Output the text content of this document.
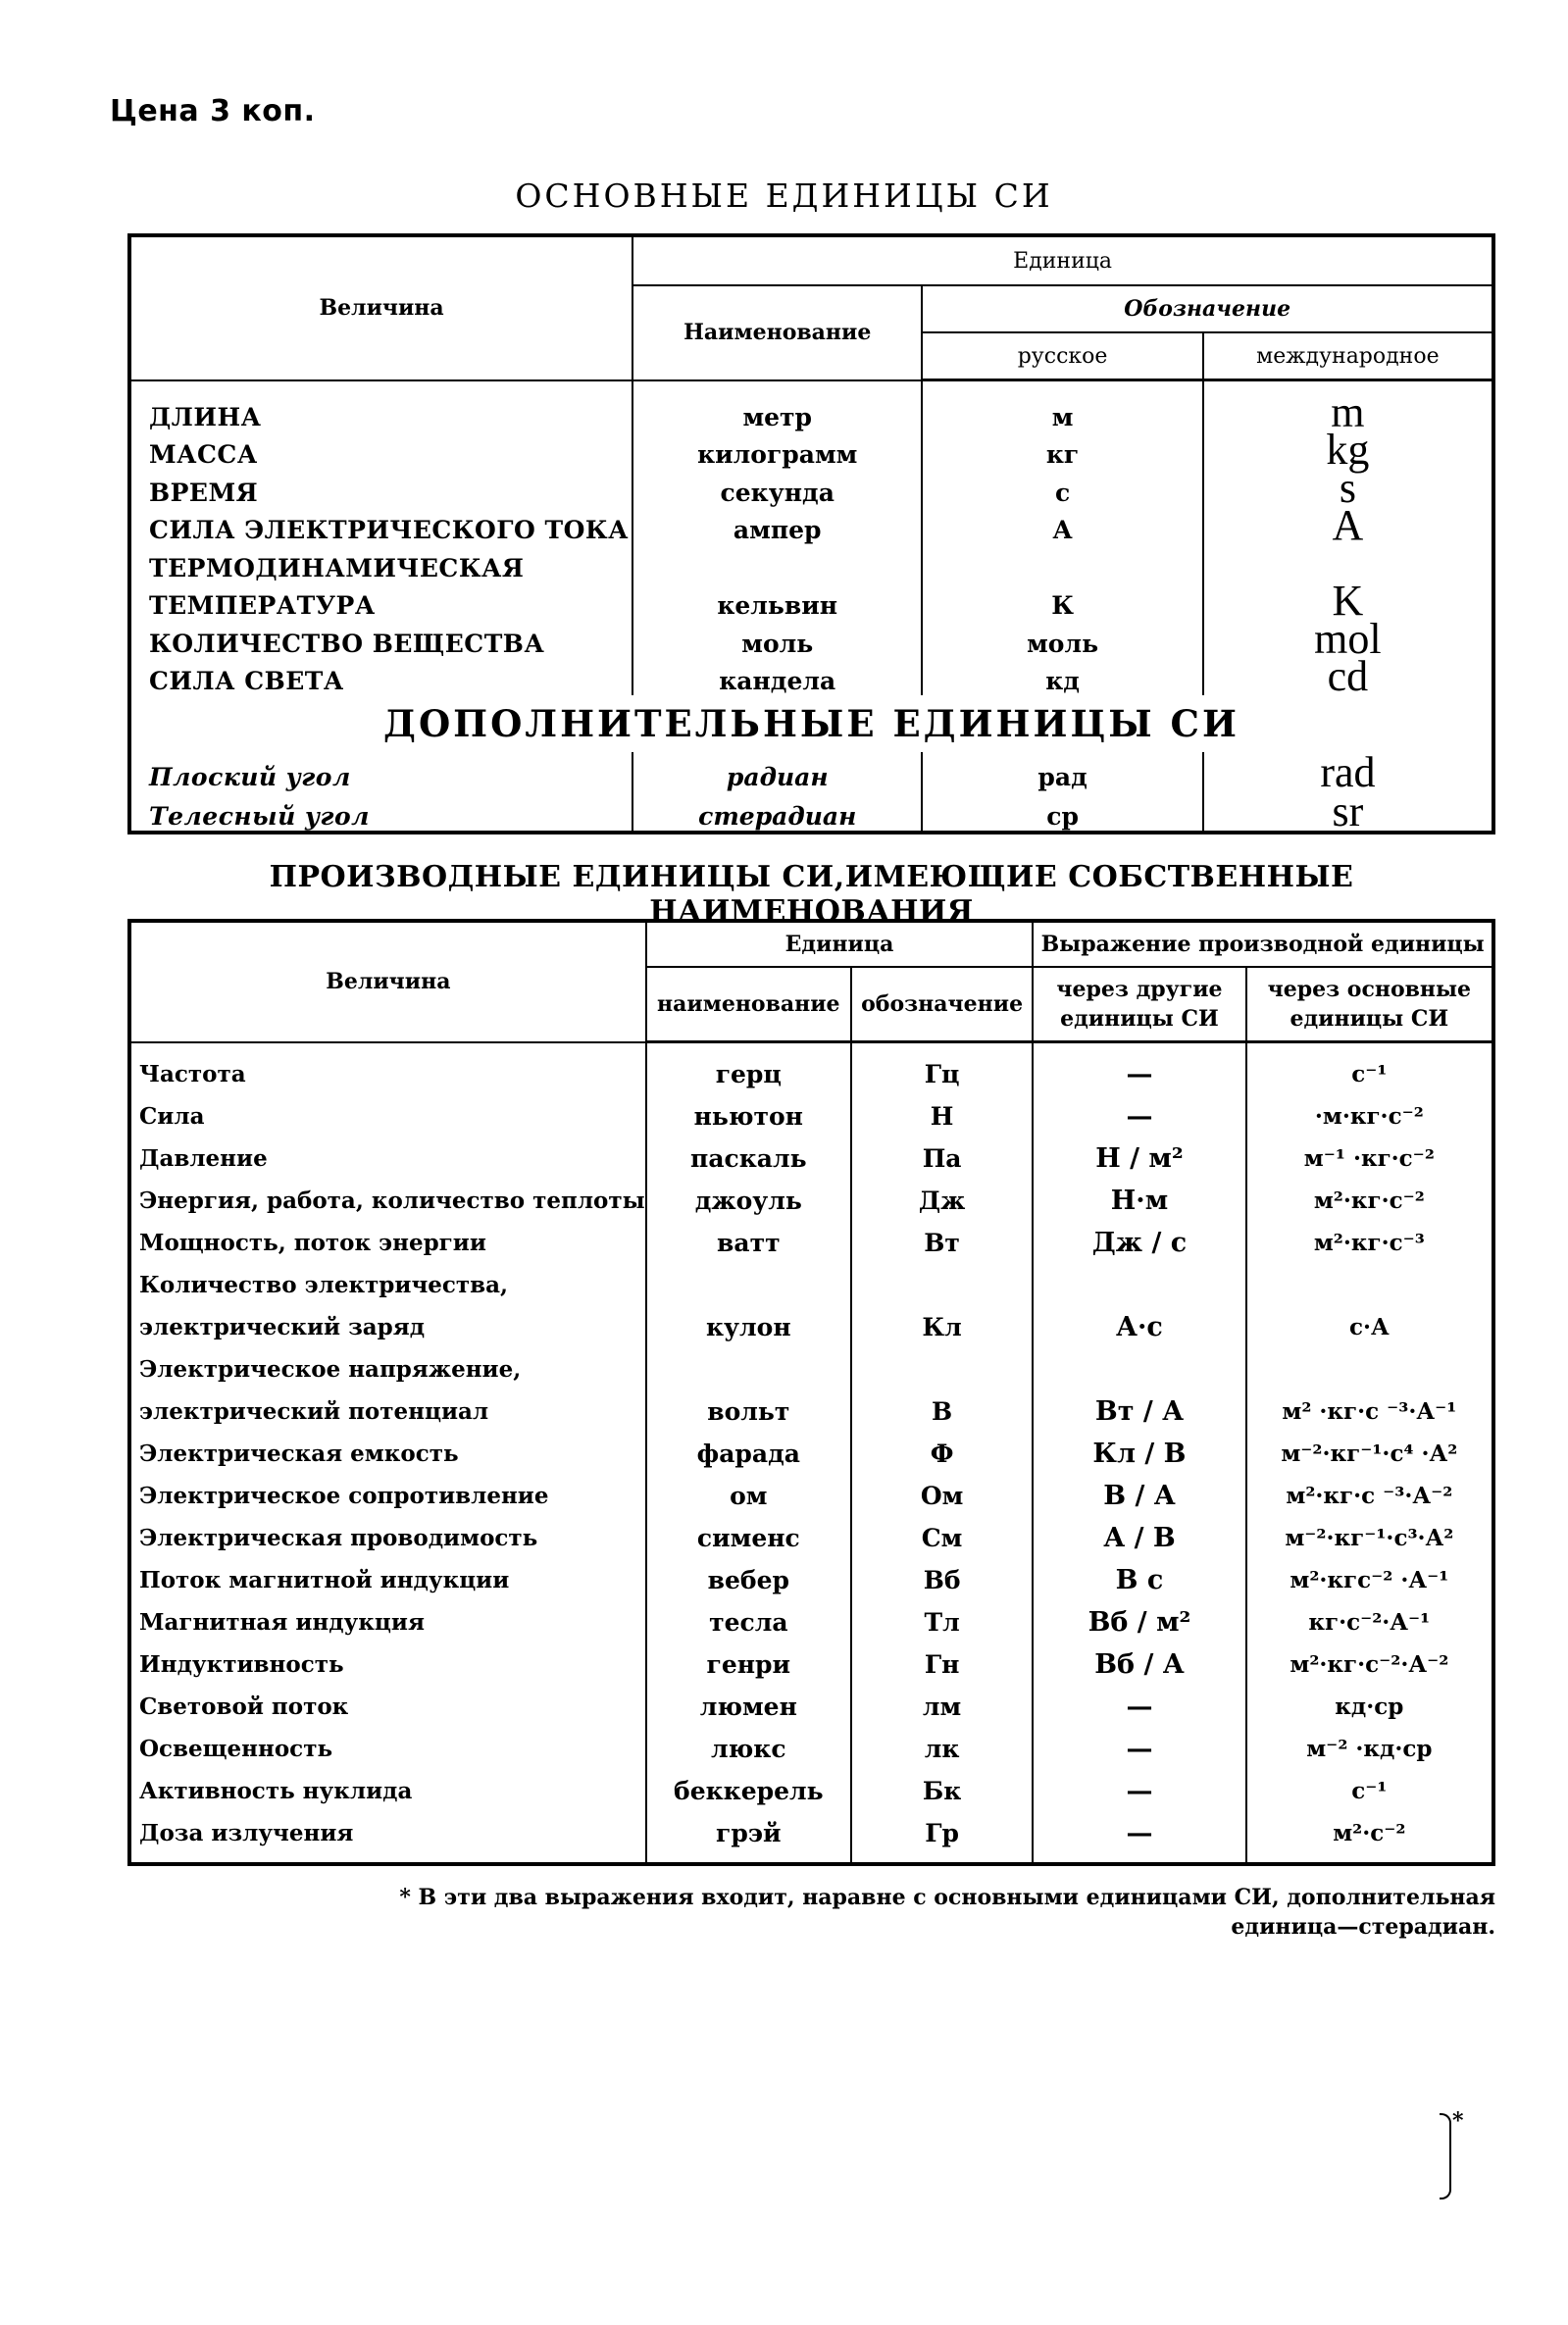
Цена 3 коп.
ОСНОВНЫЕ ЕДИНИЦЫ СИ
Величина	Единица		
	Наименование	Обозначение	
		русское	международное
ДЛИНА	метр	м	m
МАССА	килограмм	кг	kg
ВРЕМЯ	секунда	с	s
СИЛА ЭЛЕКТРИЧЕСКОГО ТОКА	ампер	А	A
ТЕРМОДИНАМИЧЕСКАЯ			
ТЕМПЕРАТУРА	кельвин	К	K
КОЛИЧЕСТВО ВЕЩЕСТВА	моль	моль	mol
СИЛА СВЕТА	кандела	кд	cd
ДОПОЛНИТЕЛЬНЫЕ ЕДИНИЦЫ СИ			
Плоский угол	радиан	рад	rad
Телесный угол	стерадиан	ср	sr
ПРОИЗВОДНЫЕ ЕДИНИЦЫ СИ,ИМЕЮЩИЕ СОБСТВЕННЫЕ НАИМЕНОВАНИЯ
Величина	Единица		Выражение производной единицы	
	наименование	обозначение	через другие единицы СИ	через основные единицы СИ
Частота	герц	Гц	—	с⁻¹
Сила	ньютон	Н	—	·м·кг·с⁻²
Давление	паскаль	Па	Н / м²	м⁻¹ ·кг·с⁻²
Энергия, работа, количество теплоты	джоуль	Дж	Н·м	м²·кг·с⁻²
Мощность, поток энергии	ватт	Вт	Дж / с	м²·кг·с⁻³
Количество электричества,				
электрический заряд	кулон	Кл	А·с	с·А
Электрическое напряжение,				
электрический потенциал	вольт	В	Вт / А	м² ·кг·с ⁻³·А⁻¹
Электрическая емкость	фарада	Ф	Кл / В	м⁻²·кг⁻¹·с⁴ ·А²
Электрическое сопротивление	ом	Ом	В / А	м²·кг·с ⁻³·А⁻²
Электрическая проводимость	сименс	См	А / В	м⁻²·кг⁻¹·с³·А²
Поток магнитной индукции	вебер	Вб	В с	м²·кгс⁻² ·А⁻¹
Магнитная индукция	тесла	Тл	Вб / м²	кг·с⁻²·А⁻¹
Индуктивность	генри	Гн	Вб / А	м²·кг·с⁻²·А⁻²
Световой поток	люмен	лм	—	кд·ср
Освещенность	люкс	лк	—	м⁻² ·кд·ср
Активность нуклида	беккерель	Бк	—	с⁻¹
Доза излучения	грэй	Гр	—	м²·с⁻²
*
* В эти два выражения входит, наравне с основными единицами СИ, дополнительная
единица—стерадиан.
